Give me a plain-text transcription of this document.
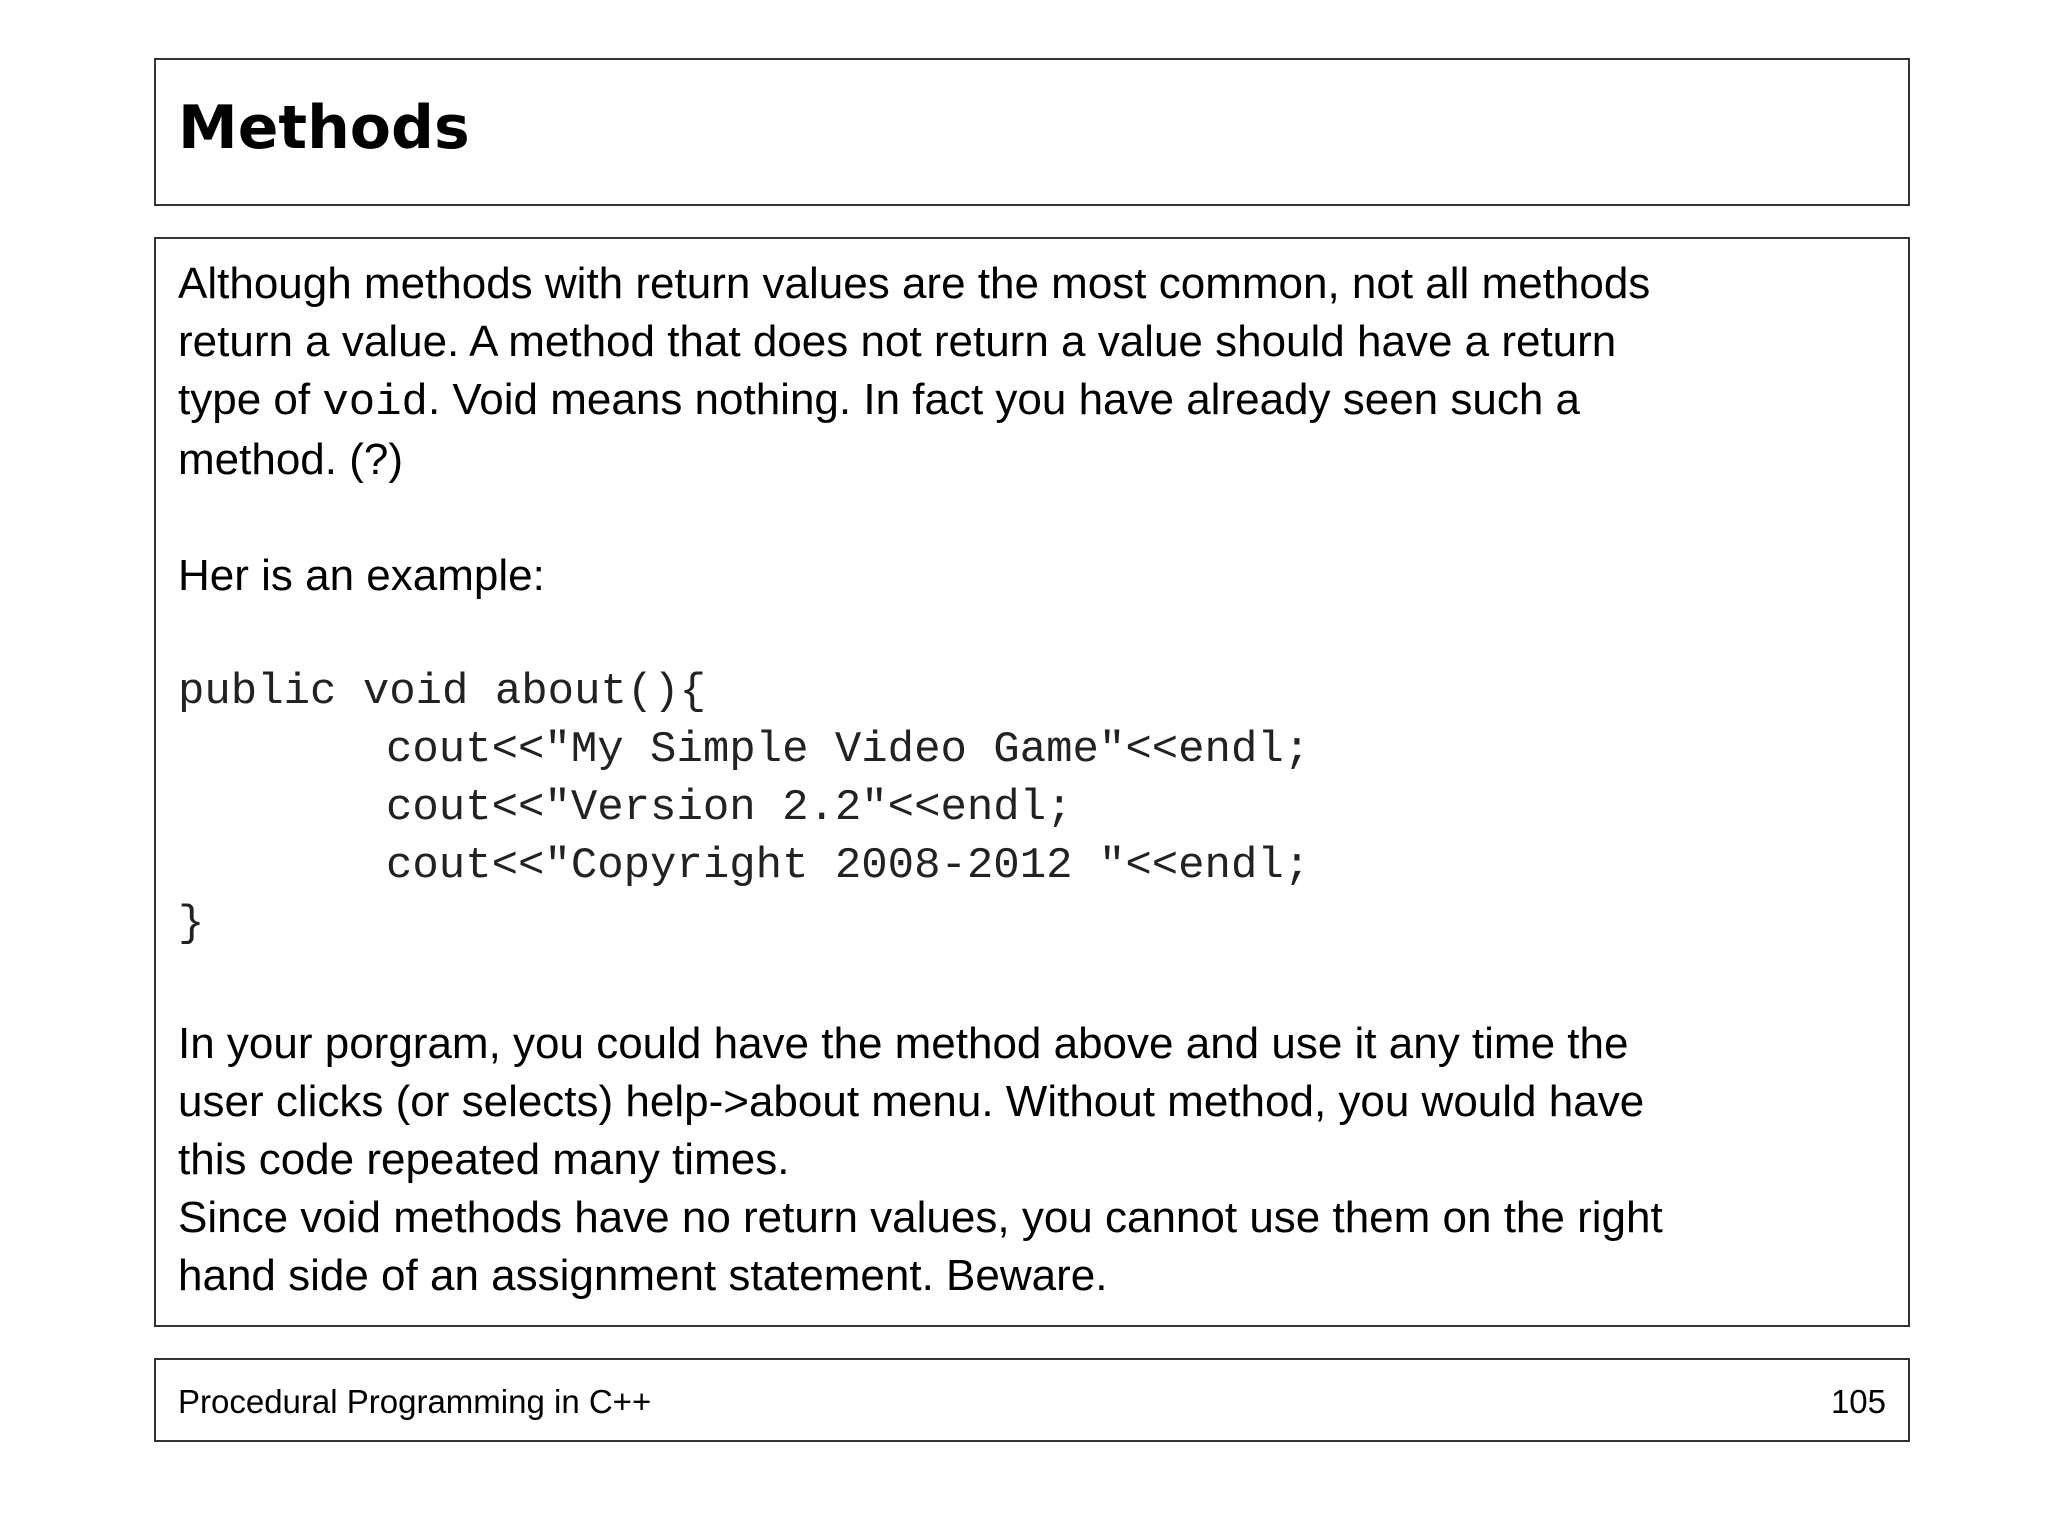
Methods

Although methods with return values are the most common, not all methods
return a value. A method that does not return a value should have a return
type of void. Void means nothing. In fact you have already seen such a

method. (?)

Her is an example:

public void about(){
cout<<"My Simple Video Game"<<endl;
cout<<"Version 2.2"<<endl;
cout<<"Copyright 2008-2012 "<<endl;
}

In your porgram, you could have the method above and use it any time the
user clicks (or selects) help->about menu. Without method, you would have
this code repeated many times.

Since void methods have no return values, you cannot use them on the right
hand side of an assignment statement. Beware.

Procedural Programming in C++	105
